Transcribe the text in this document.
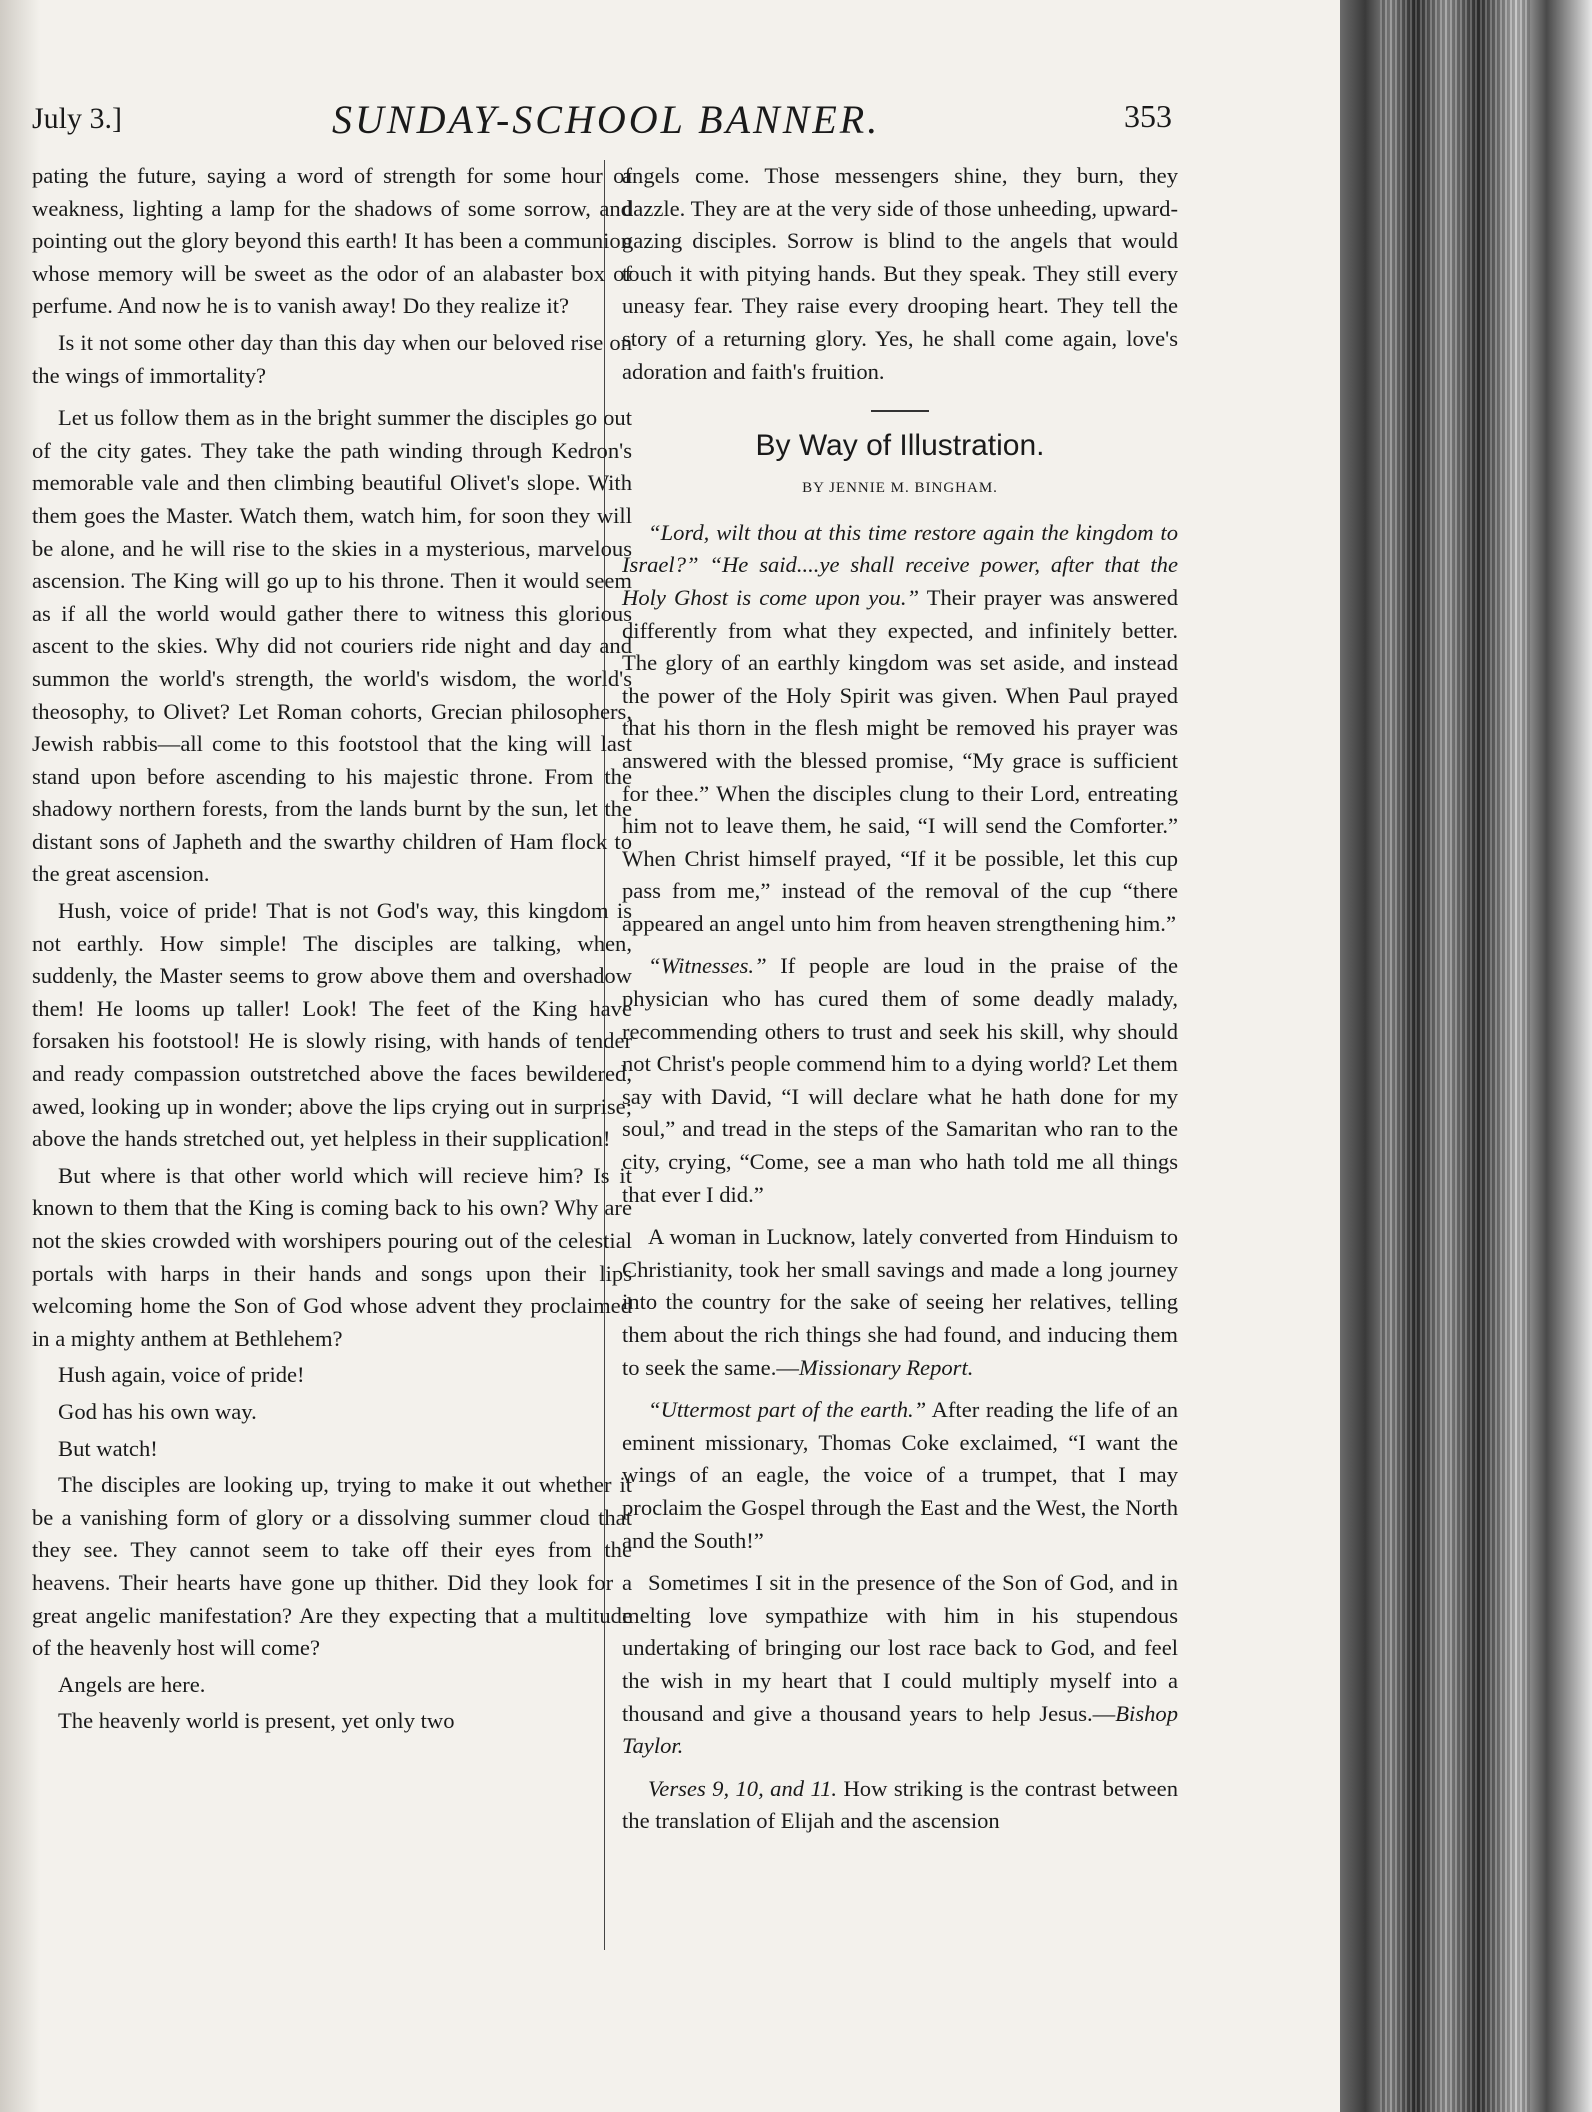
July 3.]	SUNDAY-SCHOOL BANNER.	353

pating the future, saying a word of strength for some hour of weakness, lighting a lamp for the shadows of some sorrow, and pointing out the glory beyond this earth! It has been a communion whose memory will be sweet as the odor of an alabaster box of perfume. And now he is to vanish away! Do they realize it?

Is it not some other day than this day when our beloved rise on the wings of immortality?

Let us follow them as in the bright summer the disciples go out of the city gates. They take the path winding through Kedron's memorable vale and then climbing beautiful Olivet's slope. With them goes the Master. Watch them, watch him, for soon they will be alone, and he will rise to the skies in a mysterious, marvelous ascension. The King will go up to his throne. Then it would seem as if all the world would gather there to witness this glorious ascent to the skies. Why did not couriers ride night and day and summon the world's strength, the world's wisdom, the world's theosophy, to Olivet? Let Roman cohorts, Grecian philosophers, Jewish rabbis—all come to this footstool that the king will last stand upon before ascending to his majestic throne. From the shadowy northern forests, from the lands burnt by the sun, let the distant sons of Japheth and the swarthy children of Ham flock to the great ascension.

Hush, voice of pride! That is not God's way, this kingdom is not earthly. How simple! The disciples are talking, when, suddenly, the Master seems to grow above them and overshadow them! He looms up taller! Look! The feet of the King have forsaken his footstool! He is slowly rising, with hands of tender and ready compassion outstretched above the faces bewildered, awed, looking up in wonder; above the lips crying out in surprise; above the hands stretched out, yet helpless in their supplication!

But where is that other world which will recieve him? Is it known to them that the King is coming back to his own? Why are not the skies crowded with worshipers pouring out of the celestial portals with harps in their hands and songs upon their lips welcoming home the Son of God whose advent they proclaimed in a mighty anthem at Bethlehem?

Hush again, voice of pride!

God has his own way.

But watch!

The disciples are looking up, trying to make it out whether it be a vanishing form of glory or a dissolving summer cloud that they see. They cannot seem to take off their eyes from the heavens. Their hearts have gone up thither. Did they look for a great angelic manifestation? Are they expecting that a multitude of the heavenly host will come?

Angels are here.

The heavenly world is present, yet only two

angels come. Those messengers shine, they burn, they dazzle. They are at the very side of those unheeding, upward-gazing disciples. Sorrow is blind to the angels that would touch it with pitying hands. But they speak. They still every uneasy fear. They raise every drooping heart. They tell the story of a returning glory. Yes, he shall come again, love's adoration and faith's fruition.

By Way of Illustration.
BY JENNIE M. BINGHAM.

“Lord, wilt thou at this time restore again the kingdom to Israel?” “He said....ye shall receive power, after that the Holy Ghost is come upon you.” Their prayer was answered differently from what they expected, and infinitely better. The glory of an earthly kingdom was set aside, and instead the power of the Holy Spirit was given. When Paul prayed that his thorn in the flesh might be removed his prayer was answered with the blessed promise, “My grace is sufficient for thee.” When the disciples clung to their Lord, entreating him not to leave them, he said, “I will send the Comforter.” When Christ himself prayed, “If it be possible, let this cup pass from me,” instead of the removal of the cup “there appeared an angel unto him from heaven strengthening him.”

“Witnesses.” If people are loud in the praise of the physician who has cured them of some deadly malady, recommending others to trust and seek his skill, why should not Christ's people commend him to a dying world? Let them say with David, “I will declare what he hath done for my soul,” and tread in the steps of the Samaritan who ran to the city, crying, “Come, see a man who hath told me all things that ever I did.”

A woman in Lucknow, lately converted from Hinduism to Christianity, took her small savings and made a long journey into the country for the sake of seeing her relatives, telling them about the rich things she had found, and inducing them to seek the same.—Missionary Report.

“Uttermost part of the earth.” After reading the life of an eminent missionary, Thomas Coke exclaimed, “I want the wings of an eagle, the voice of a trumpet, that I may proclaim the Gospel through the East and the West, the North and the South!”

Sometimes I sit in the presence of the Son of God, and in melting love sympathize with him in his stupendous undertaking of bringing our lost race back to God, and feel the wish in my heart that I could multiply myself into a thousand and give a thousand years to help Jesus.—Bishop Taylor.

Verses 9, 10, and 11. How striking is the contrast between the translation of Elijah and the ascension
